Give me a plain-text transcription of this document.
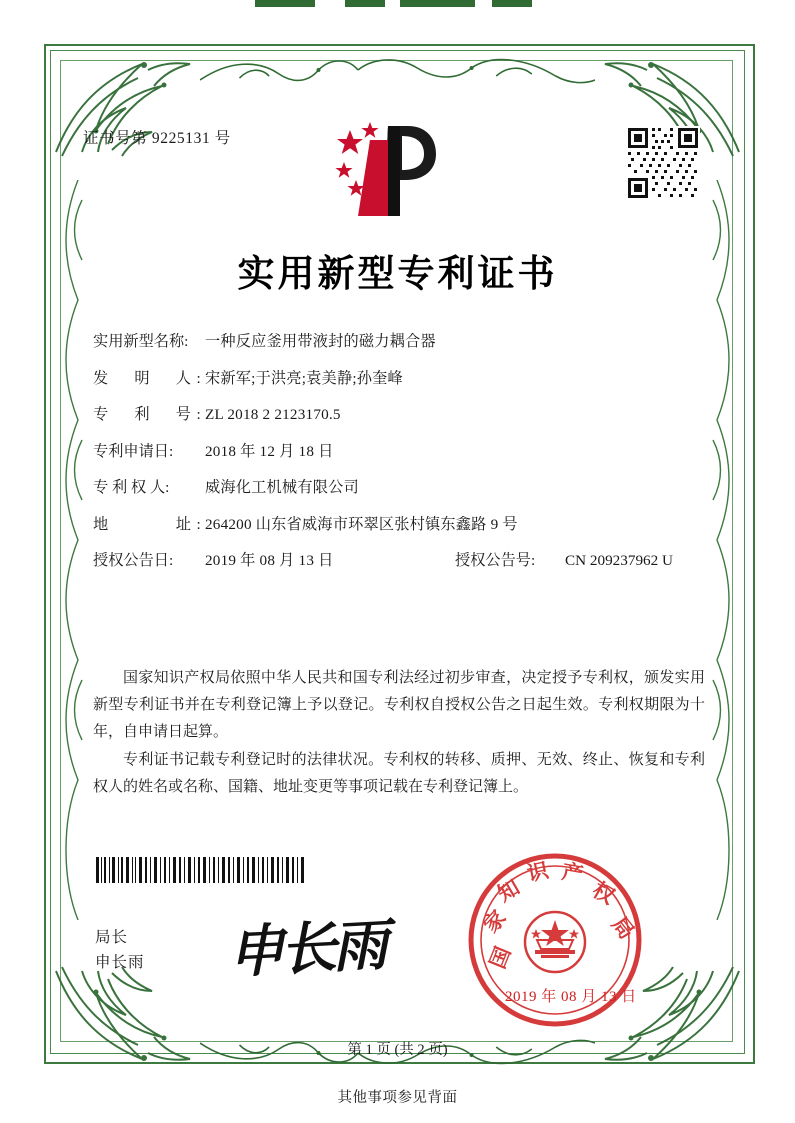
证书号第 9225131 号
实用新型专利证书
实用新型名称:	一种反应釜用带液封的磁力耦合器
发　明　人:
宋新军;于洪亮;袁美静;孙奎峰
专　利　号:
ZL 2018 2 2123170.5
专利申请日:	2018 年 12 月 18 日
专 利 权 人:	威海化工机械有限公司
地　　　址:
264200 山东省威海市环翠区张村镇东鑫路 9 号
授权公告日:	2019 年 08 月 13 日	授权公告号:	CN 209237962 U

国家知识产权局依照中华人民共和国专利法经过初步审查，决定授予专利权，颁发实用新型专利证书并在专利登记簿上予以登记。专利权自授权公告之日起生效。专利权期限为十年，自申请日起算。

专利证书记载专利登记时的法律状况。专利权的转移、质押、无效、终止、恢复和专利权人的姓名或名称、国籍、地址变更等事项记载在专利登记簿上。

局长
申长雨 申长雨	国
家
知
识 产
权
局
2019 年 08 月 13 日
第 1 页 (共 2 页)
其他事项参见背面
